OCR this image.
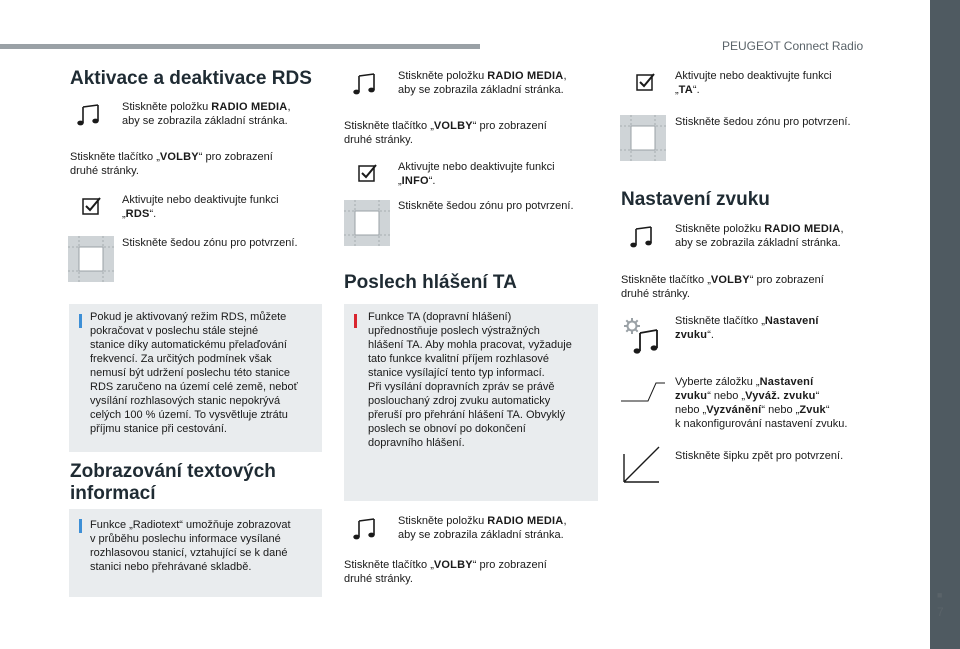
PEUGEOT Connect Radio
■
7
Aktivace a deaktivace RDS
Stiskněte položku RADIO MEDIA,
aby se zobrazila základní stránka.
Stiskněte tlačítko „VOLBY“ pro zobrazení
druhé stránky.
Aktivujte nebo deaktivujte funkci
„RDS“.
Stiskněte šedou zónu pro potvrzení.
Pokud je aktivovaný režim RDS, můžete
pokračovat v poslechu stále stejné
stanice díky automatickému přelaďování
frekvencí. Za určitých podmínek však
nemusí být udržení poslechu této stanice
RDS zaručeno na území celé země, neboť
vysílání rozhlasových stanic nepokrývá
celých 100 % území. To vysvětluje ztrátu
příjmu stanice při cestování.
Zobrazování textových
informací
Funkce „Radiotext“ umožňuje zobrazovat
v průběhu poslechu informace vysílané
rozhlasovou stanicí, vztahující se k dané
stanici nebo přehrávané skladbě.
Stiskněte položku RADIO MEDIA,
aby se zobrazila základní stránka.
Stiskněte tlačítko „VOLBY“ pro zobrazení
druhé stránky.
Aktivujte nebo deaktivujte funkci
„INFO“.
Stiskněte šedou zónu pro potvrzení.
Poslech hlášení TA
Funkce TA (dopravní hlášení)
upřednostňuje poslech výstražných
hlášení TA. Aby mohla pracovat, vyžaduje
tato funkce kvalitní příjem rozhlasové
stanice vysílající tento typ informací.
Při vysílání dopravních zpráv se právě
poslouchaný zdroj zvuku automaticky
přeruší pro přehrání hlášení TA. Obvyklý
poslech se obnoví po dokončení
dopravního hlášení.
Stiskněte položku RADIO MEDIA,
aby se zobrazila základní stránka.
Stiskněte tlačítko „VOLBY“ pro zobrazení
druhé stránky.
Aktivujte nebo deaktivujte funkci
„TA“.
Stiskněte šedou zónu pro potvrzení.
Nastavení zvuku
Stiskněte položku RADIO MEDIA,
aby se zobrazila základní stránka.
Stiskněte tlačítko „VOLBY“ pro zobrazení
druhé stránky.
Stiskněte tlačítko „Nastavení
zvuku“.
Vyberte záložku „Nastavení
zvuku“ nebo „Vyváž. zvuku“
nebo „Vyzvánění“ nebo „Zvuk“
k nakonfigurování nastavení zvuku.
Stiskněte šipku zpět pro potvrzení.
